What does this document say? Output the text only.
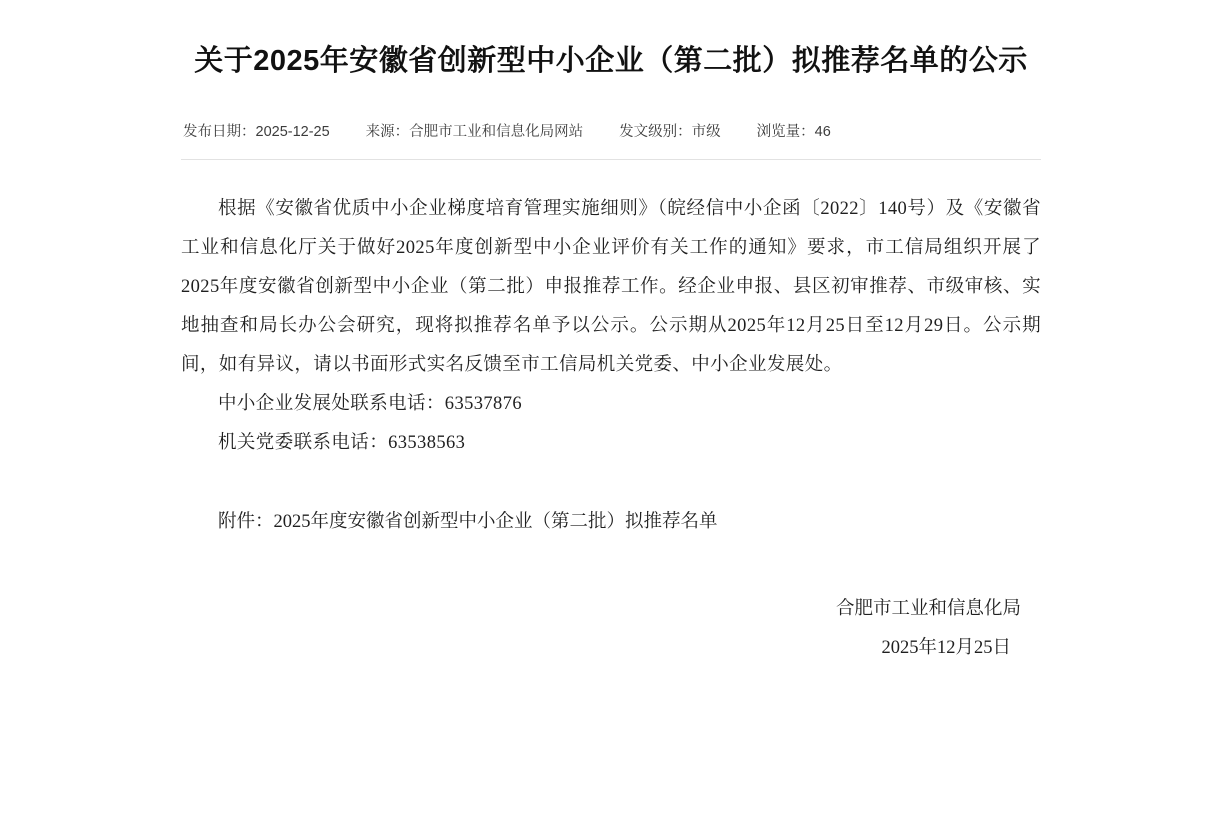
关于2025年安徽省创新型中小企业（第二批）拟推荐名单的公示
发布日期：2025-12-25 来源：合肥市工业和信息化局网站 发文级别：市级 浏览量：46

根据《安徽省优质中小企业梯度培育管理实施细则》（皖经信中小企函〔2022〕140号）及《安徽省工业和信息化厅关于做好2025年度创新型中小企业评价有关工作的通知》要求，市工信局组织开展了2025年度安徽省创新型中小企业（第二批）申报推荐工作。经企业申报、县区初审推荐、市级审核、实地抽查和局长办公会研究，现将拟推荐名单予以公示。公示期从2025年12月25日至12月29日。公示期间，如有异议，请以书面形式实名反馈至市工信局机关党委、中小企业发展处。

中小企业发展处联系电话：63537876

机关党委联系电话：63538563

附件：2025年度安徽省创新型中小企业（第二批）拟推荐名单
合肥市工业和信息化局
2025年12月25日
